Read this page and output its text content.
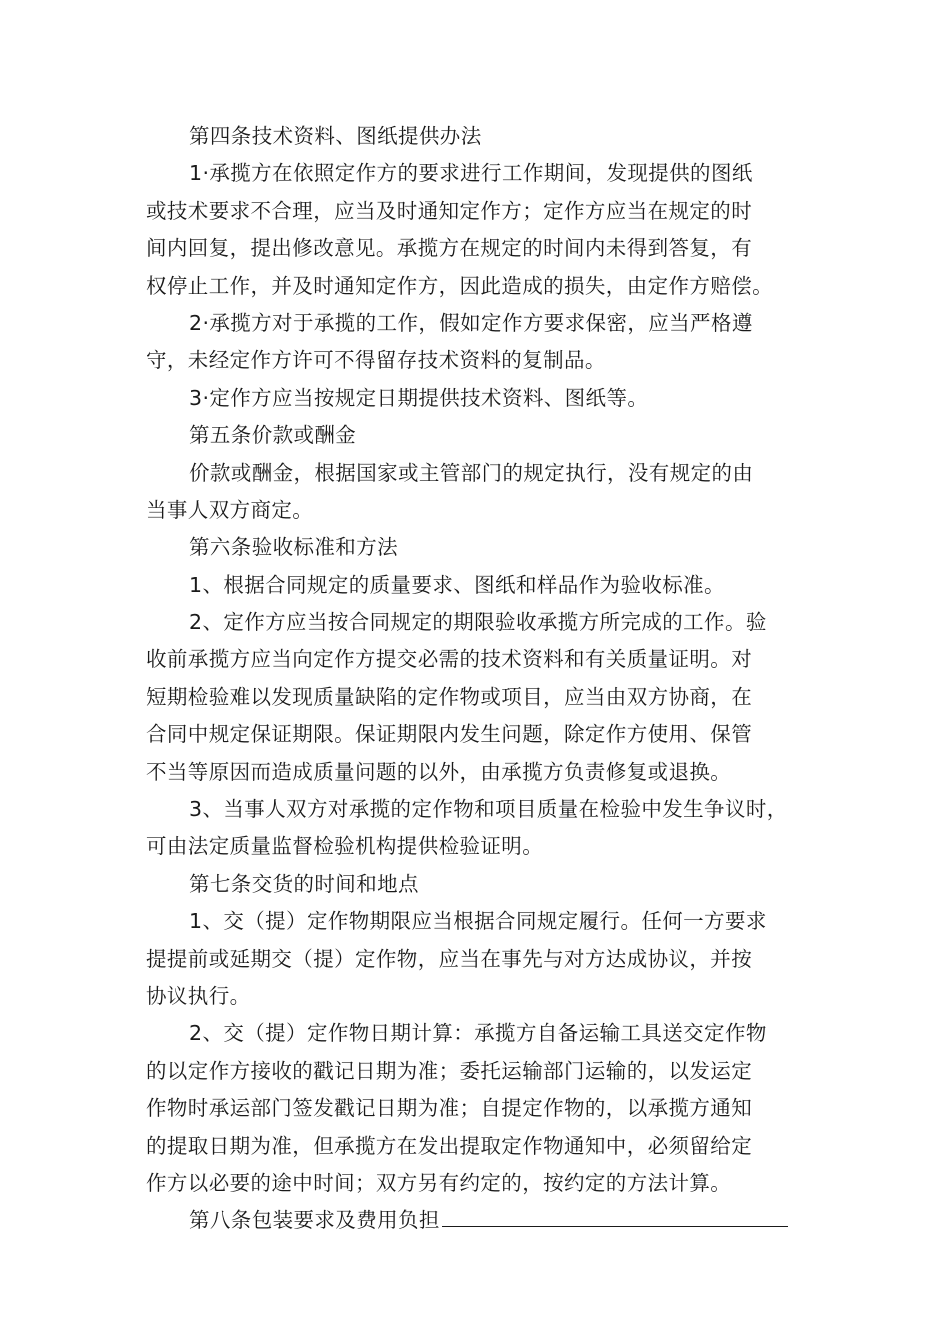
第四条技术资料、图纸提供办法
1·承揽方在依照定作方的要求进行工作期间，发现提供的图纸
或技术要求不合理，应当及时通知定作方；定作方应当在规定的时
间内回复，提出修改意见。承揽方在规定的时间内未得到答复，有
权停止工作，并及时通知定作方，因此造成的损失，由定作方赔偿。
2·承揽方对于承揽的工作，假如定作方要求保密，应当严格遵
守，未经定作方许可不得留存技术资料的复制品。
3·定作方应当按规定日期提供技术资料、图纸等。
第五条价款或酬金
价款或酬金，根据国家或主管部门的规定执行，没有规定的由
当事人双方商定。
第六条验收标准和方法
1、根据合同规定的质量要求、图纸和样品作为验收标准。
2、定作方应当按合同规定的期限验收承揽方所完成的工作。验
收前承揽方应当向定作方提交必需的技术资料和有关质量证明。对
短期检验难以发现质量缺陷的定作物或项目，应当由双方协商，在
合同中规定保证期限。保证期限内发生问题，除定作方使用、保管
不当等原因而造成质量问题的以外，由承揽方负责修复或退换。
3、当事人双方对承揽的定作物和项目质量在检验中发生争议时，
可由法定质量监督检验机构提供检验证明。
第七条交货的时间和地点
1、交（提）定作物期限应当根据合同规定履行。任何一方要求
提提前或延期交（提）定作物，应当在事先与对方达成协议，并按
协议执行。
2、交（提）定作物日期计算：承揽方自备运输工具送交定作物
的以定作方接收的戳记日期为准；委托运输部门运输的，以发运定
作物时承运部门签发戳记日期为准；自提定作物的，以承揽方通知
的提取日期为准，但承揽方在发出提取定作物通知中，必须留给定
作方以必要的途中时间；双方另有约定的，按约定的方法计算。
第八条包装要求及费用负担
